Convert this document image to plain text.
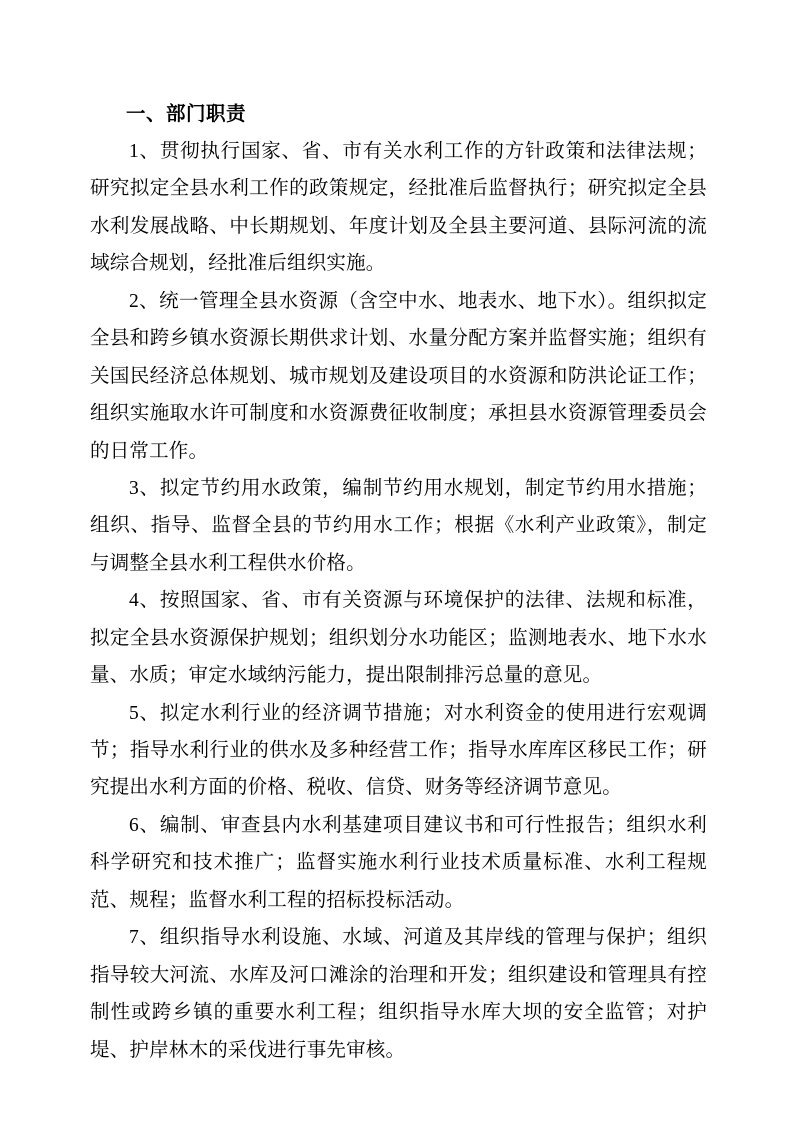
一、部门职责

1、贯彻执行国家、省、市有关水利工作的方针政策和法律法规；研究拟定全县水利工作的政策规定，经批准后监督执行；研究拟定全县水利发展战略、中长期规划、年度计划及全县主要河道、县际河流的流域综合规划，经批准后组织实施。

2、统一管理全县水资源（含空中水、地表水、地下水）。组织拟定全县和跨乡镇水资源长期供求计划、水量分配方案并监督实施；组织有关国民经济总体规划、城市规划及建设项目的水资源和防洪论证工作；组织实施取水许可制度和水资源费征收制度；承担县水资源管理委员会的日常工作。

3、拟定节约用水政策，编制节约用水规划，制定节约用水措施；组织、指导、监督全县的节约用水工作；根据《水利产业政策》，制定与调整全县水利工程供水价格。

4、按照国家、省、市有关资源与环境保护的法律、法规和标准，拟定全县水资源保护规划；组织划分水功能区；监测地表水、地下水水量、水质；审定水域纳污能力，提出限制排污总量的意见。

5、拟定水利行业的经济调节措施；对水利资金的使用进行宏观调节；指导水利行业的供水及多种经营工作；指导水库库区移民工作；研究提出水利方面的价格、税收、信贷、财务等经济调节意见。

6、编制、审查县内水利基建项目建议书和可行性报告；组织水利科学研究和技术推广；监督实施水利行业技术质量标准、水利工程规范、规程；监督水利工程的招标投标活动。

7、组织指导水利设施、水域、河道及其岸线的管理与保护；组织指导较大河流、水库及河口滩涂的治理和开发；组织建设和管理具有控制性或跨乡镇的重要水利工程；组织指导水库大坝的安全监管；对护堤、护岸林木的采伐进行事先审核。
